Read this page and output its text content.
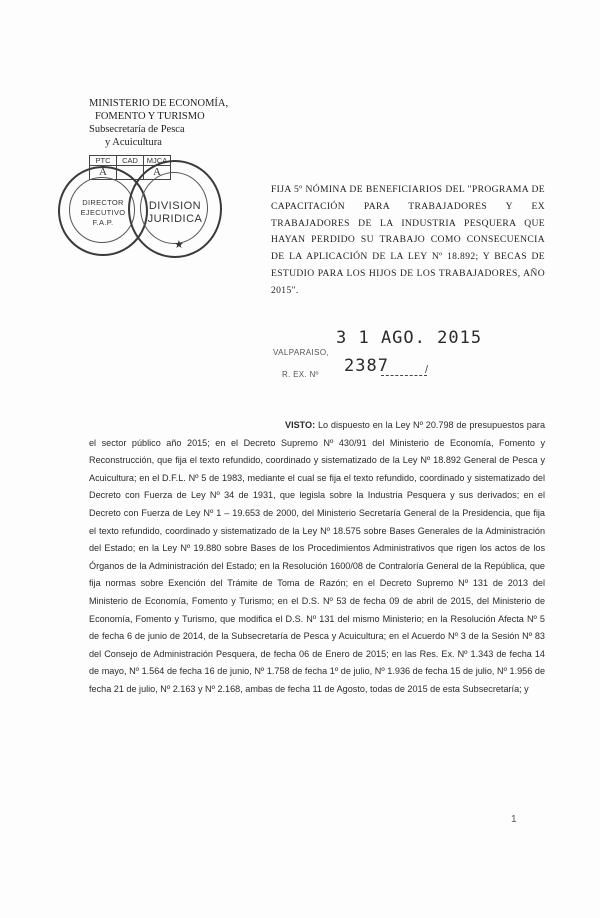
MINISTERIO DE ECONOMÍA,
FOMENTO Y TURISMO
Subsecretaría de Pesca
y Acuicultura
PTC	CAD	MJCA
A		A
DIRECTOR
EJECUTIVO
F.A.P.
DIVISION
JURIDICA
★
FIJA 5º NÓMINA DE BENEFICIARIOS DEL "PROGRAMA DE CAPACITACIÓN PARA TRABAJADORES Y EX TRABAJADORES DE LA INDUSTRIA PESQUERA QUE HAYAN PERDIDO SU TRABAJO COMO CONSECUENCIA DE LA APLICACIÓN DE LA LEY Nº 18.892; Y BECAS DE ESTUDIO PARA LOS HIJOS DE LOS TRABAJADORES, AÑO 2015".
VALPARAISO,
3 1 AGO. 2015
R. EX. Nº 2387	/
VISTO: Lo dispuesto en la Ley Nº 20.798 de presupuestos para el sector público año 2015; en el Decreto Supremo Nº 430/91 del Ministerio de Economía, Fomento y Reconstrucción, que fija el texto refundido, coordinado y sistematizado de la Ley Nº 18.892 General de Pesca y Acuicultura; en el D.F.L. Nº 5 de 1983, mediante el cual se fija el texto refundido, coordinado y sistematizado del Decreto con Fuerza de Ley Nº 34 de 1931, que legisla sobre la Industria Pesquera y sus derivados; en el Decreto con Fuerza de Ley Nº 1 – 19.653 de 2000, del Ministerio Secretaría General de la Presidencia, que fija el texto refundido, coordinado y sistematizado de la Ley Nº 18.575 sobre Bases Generales de la Administración del Estado; en la Ley Nº 19.880 sobre Bases de los Procedimientos Administrativos que rigen los actos de los Órganos de la Administración del Estado; en la Resolución 1600/08 de Contraloría General de la República, que fija normas sobre Exención del Trámite de Toma de Razón; en el Decreto Supremo Nº 131 de 2013 del Ministerio de Economía, Fomento y Turismo; en el D.S. Nº 53 de fecha 09 de abril de 2015, del Ministerio de Economía, Fomento y Turismo, que modifica el D.S. Nº 131 del mismo Ministerio; en la Resolución Afecta Nº 5 de fecha 6 de junio de 2014, de la Subsecretaría de Pesca y Acuicultura; en el Acuerdo Nº 3 de la Sesión Nº 83 del Consejo de Administración Pesquera, de fecha 06 de Enero de 2015; en las Res. Ex. Nº 1.343 de fecha 14 de mayo, Nº 1.564 de fecha 16 de junio, Nº 1.758 de fecha 1º de julio, Nº 1.936 de fecha 15 de julio, Nº 1.956 de fecha 21 de julio, Nº 2.163 y Nº 2.168, ambas de fecha 11 de Agosto, todas de 2015 de esta Subsecretaría; y
1
